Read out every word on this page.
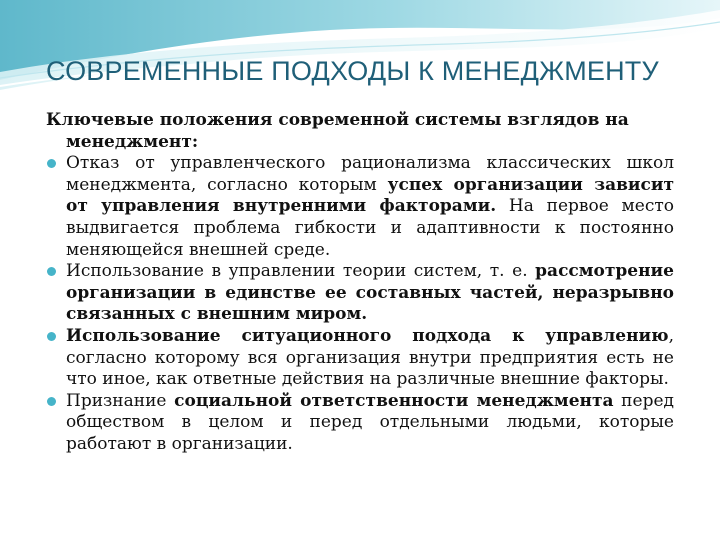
СОВРЕМЕННЫЕ ПОДХОДЫ К МЕНЕДЖМЕНТУ

Ключевые положения современной системы взглядов на менеджмент:

Отказ от управленческого рационализма классических школ менеджмента, согласно которым успех организации зависит от управления внутренними факторами. На первое место выдвигается проблема гибкости и адаптивности к постоянно меняющейся внешней среде.
Использование в управлении теории систем, т. е. рассмотрение организации в единстве ее составных частей, неразрывно связанных с внешним миром.
Использование ситуационного подхода к управлению, согласно которому вся организация внутри предприятия есть не что иное, как ответные действия на различные внешние факторы.
Признание социальной ответственности менеджмента перед обществом в целом и перед отдельными людьми, которые работают в организации.
